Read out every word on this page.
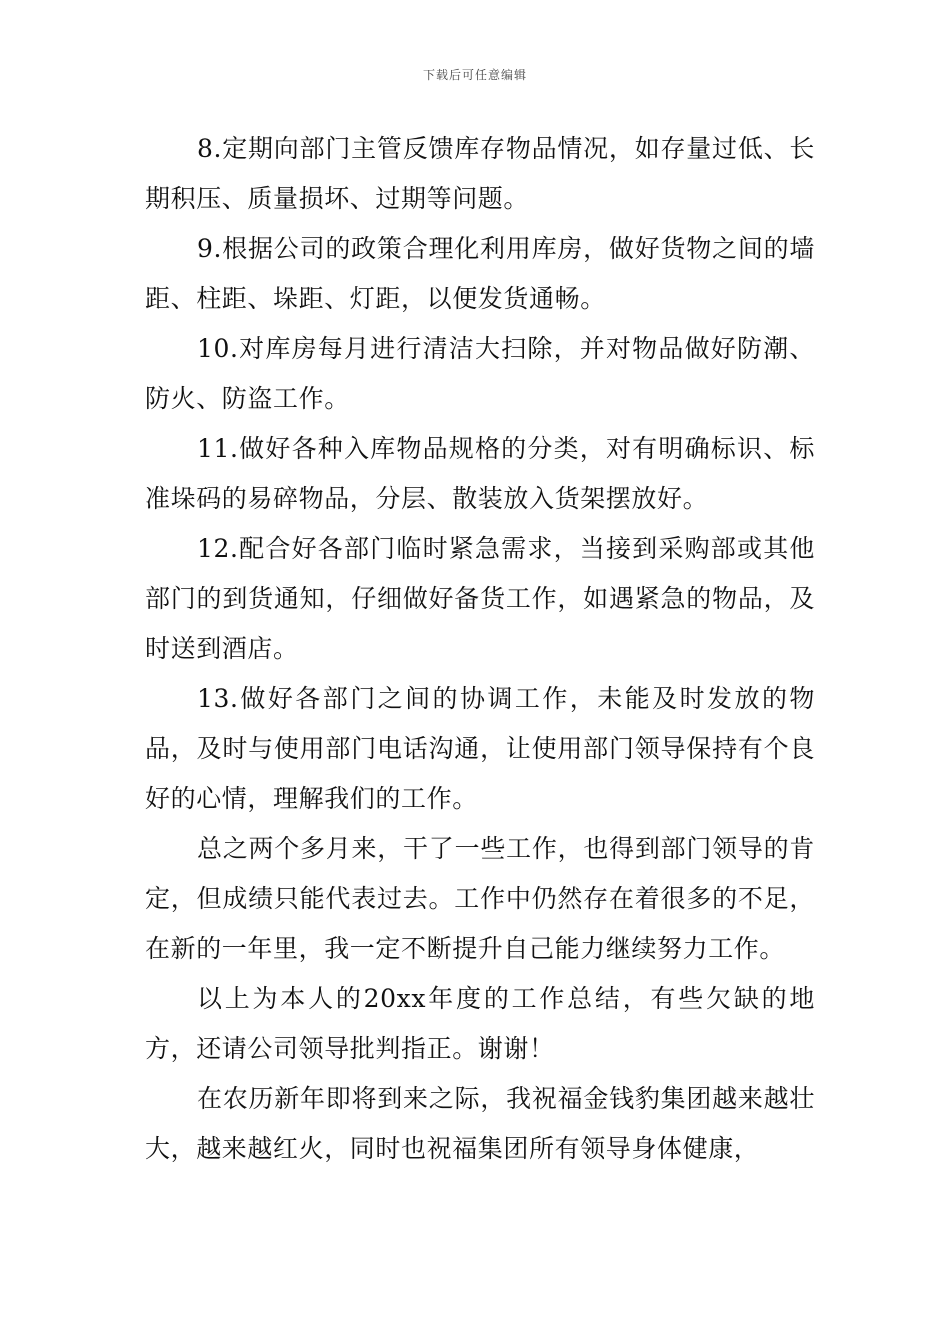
下载后可任意编辑

8.定期向部门主管反馈库存物品情况，如存量过低、长期积压、质量损坏、过期等问题。

9.根据公司的政策合理化利用库房，做好货物之间的墙距、柱距、垛距、灯距，以便发货通畅。

10.对库房每月进行清洁大扫除，并对物品做好防潮、防火、防盗工作。

11.做好各种入库物品规格的分类，对有明确标识、标准垛码的易碎物品，分层、散装放入货架摆放好。

12.配合好各部门临时紧急需求，当接到采购部或其他部门的到货通知，仔细做好备货工作，如遇紧急的物品，及时送到酒店。

13.做好各部门之间的协调工作，未能及时发放的物品，及时与使用部门电话沟通，让使用部门领导保持有个良好的心情，理解我们的工作。

总之两个多月来，干了一些工作，也得到部门领导的肯定，但成绩只能代表过去。工作中仍然存在着很多的不足，在新的一年里，我一定不断提升自己能力继续努力工作。

以上为本人的20xx年度的工作总结，有些欠缺的地方，还请公司领导批判指正。谢谢！

在农历新年即将到来之际，我祝福金钱豹集团越来越壮大，越来越红火，同时也祝福集团所有领导身体健康，
